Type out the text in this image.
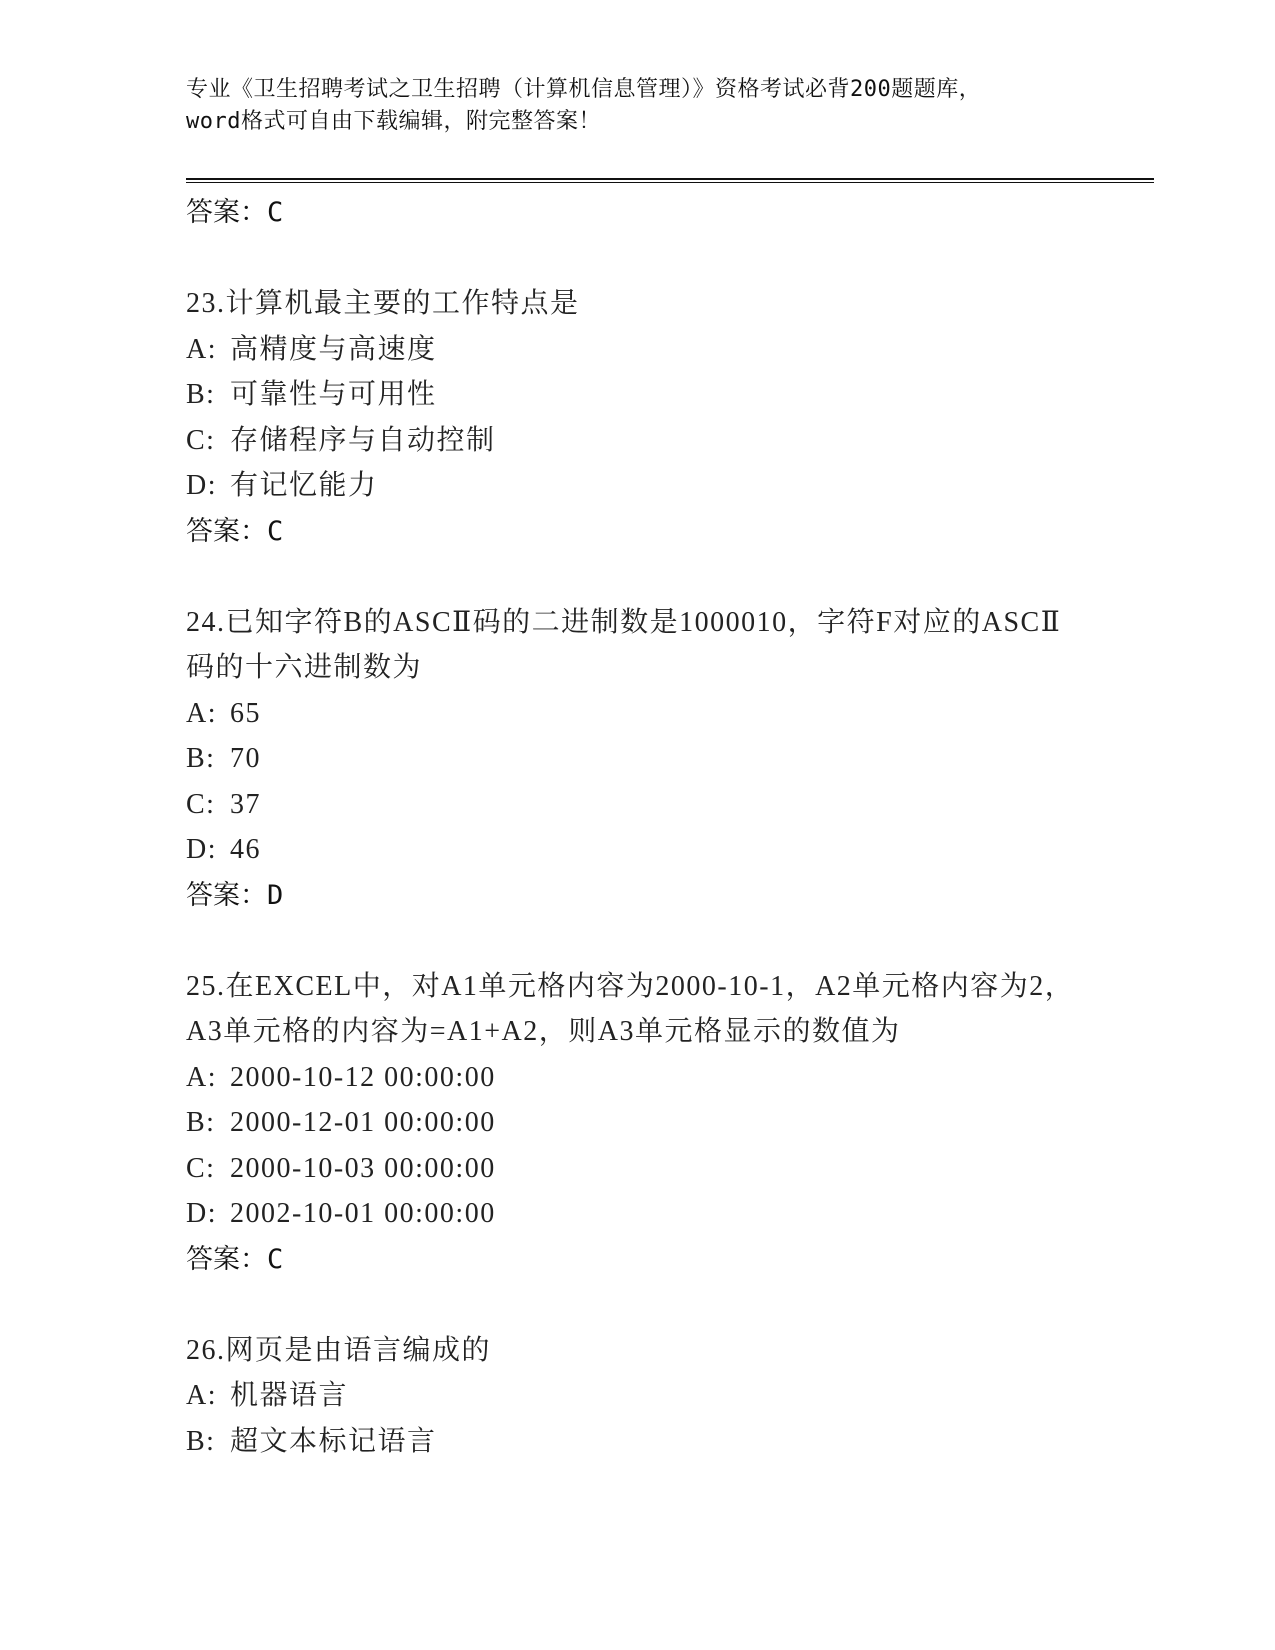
专业《卫生招聘考试之卫生招聘（计算机信息管理）》资格考试必背200题题库，
word格式可自由下载编辑，附完整答案！
答案：C
23.计算机最主要的工作特点是
A: 高精度与高速度
B: 可靠性与可用性
C: 存储程序与自动控制
D: 有记忆能力
答案：C
24.已知字符B的ASCⅡ码的二进制数是1000010，字符F对应的ASCⅡ
码的十六进制数为
A: 65
B: 70
C: 37
D: 46
答案：D
25.在EXCEL中，对A1单元格内容为2000-10-1，A2单元格内容为2，
A3单元格的内容为=A1+A2，则A3单元格显示的数值为
A: 2000-10-12 00:00:00
B: 2000-12-01 00:00:00
C: 2000-10-03 00:00:00
D: 2002-10-01 00:00:00
答案：C
26.网页是由语言编成的
A: 机器语言
B: 超文本标记语言
